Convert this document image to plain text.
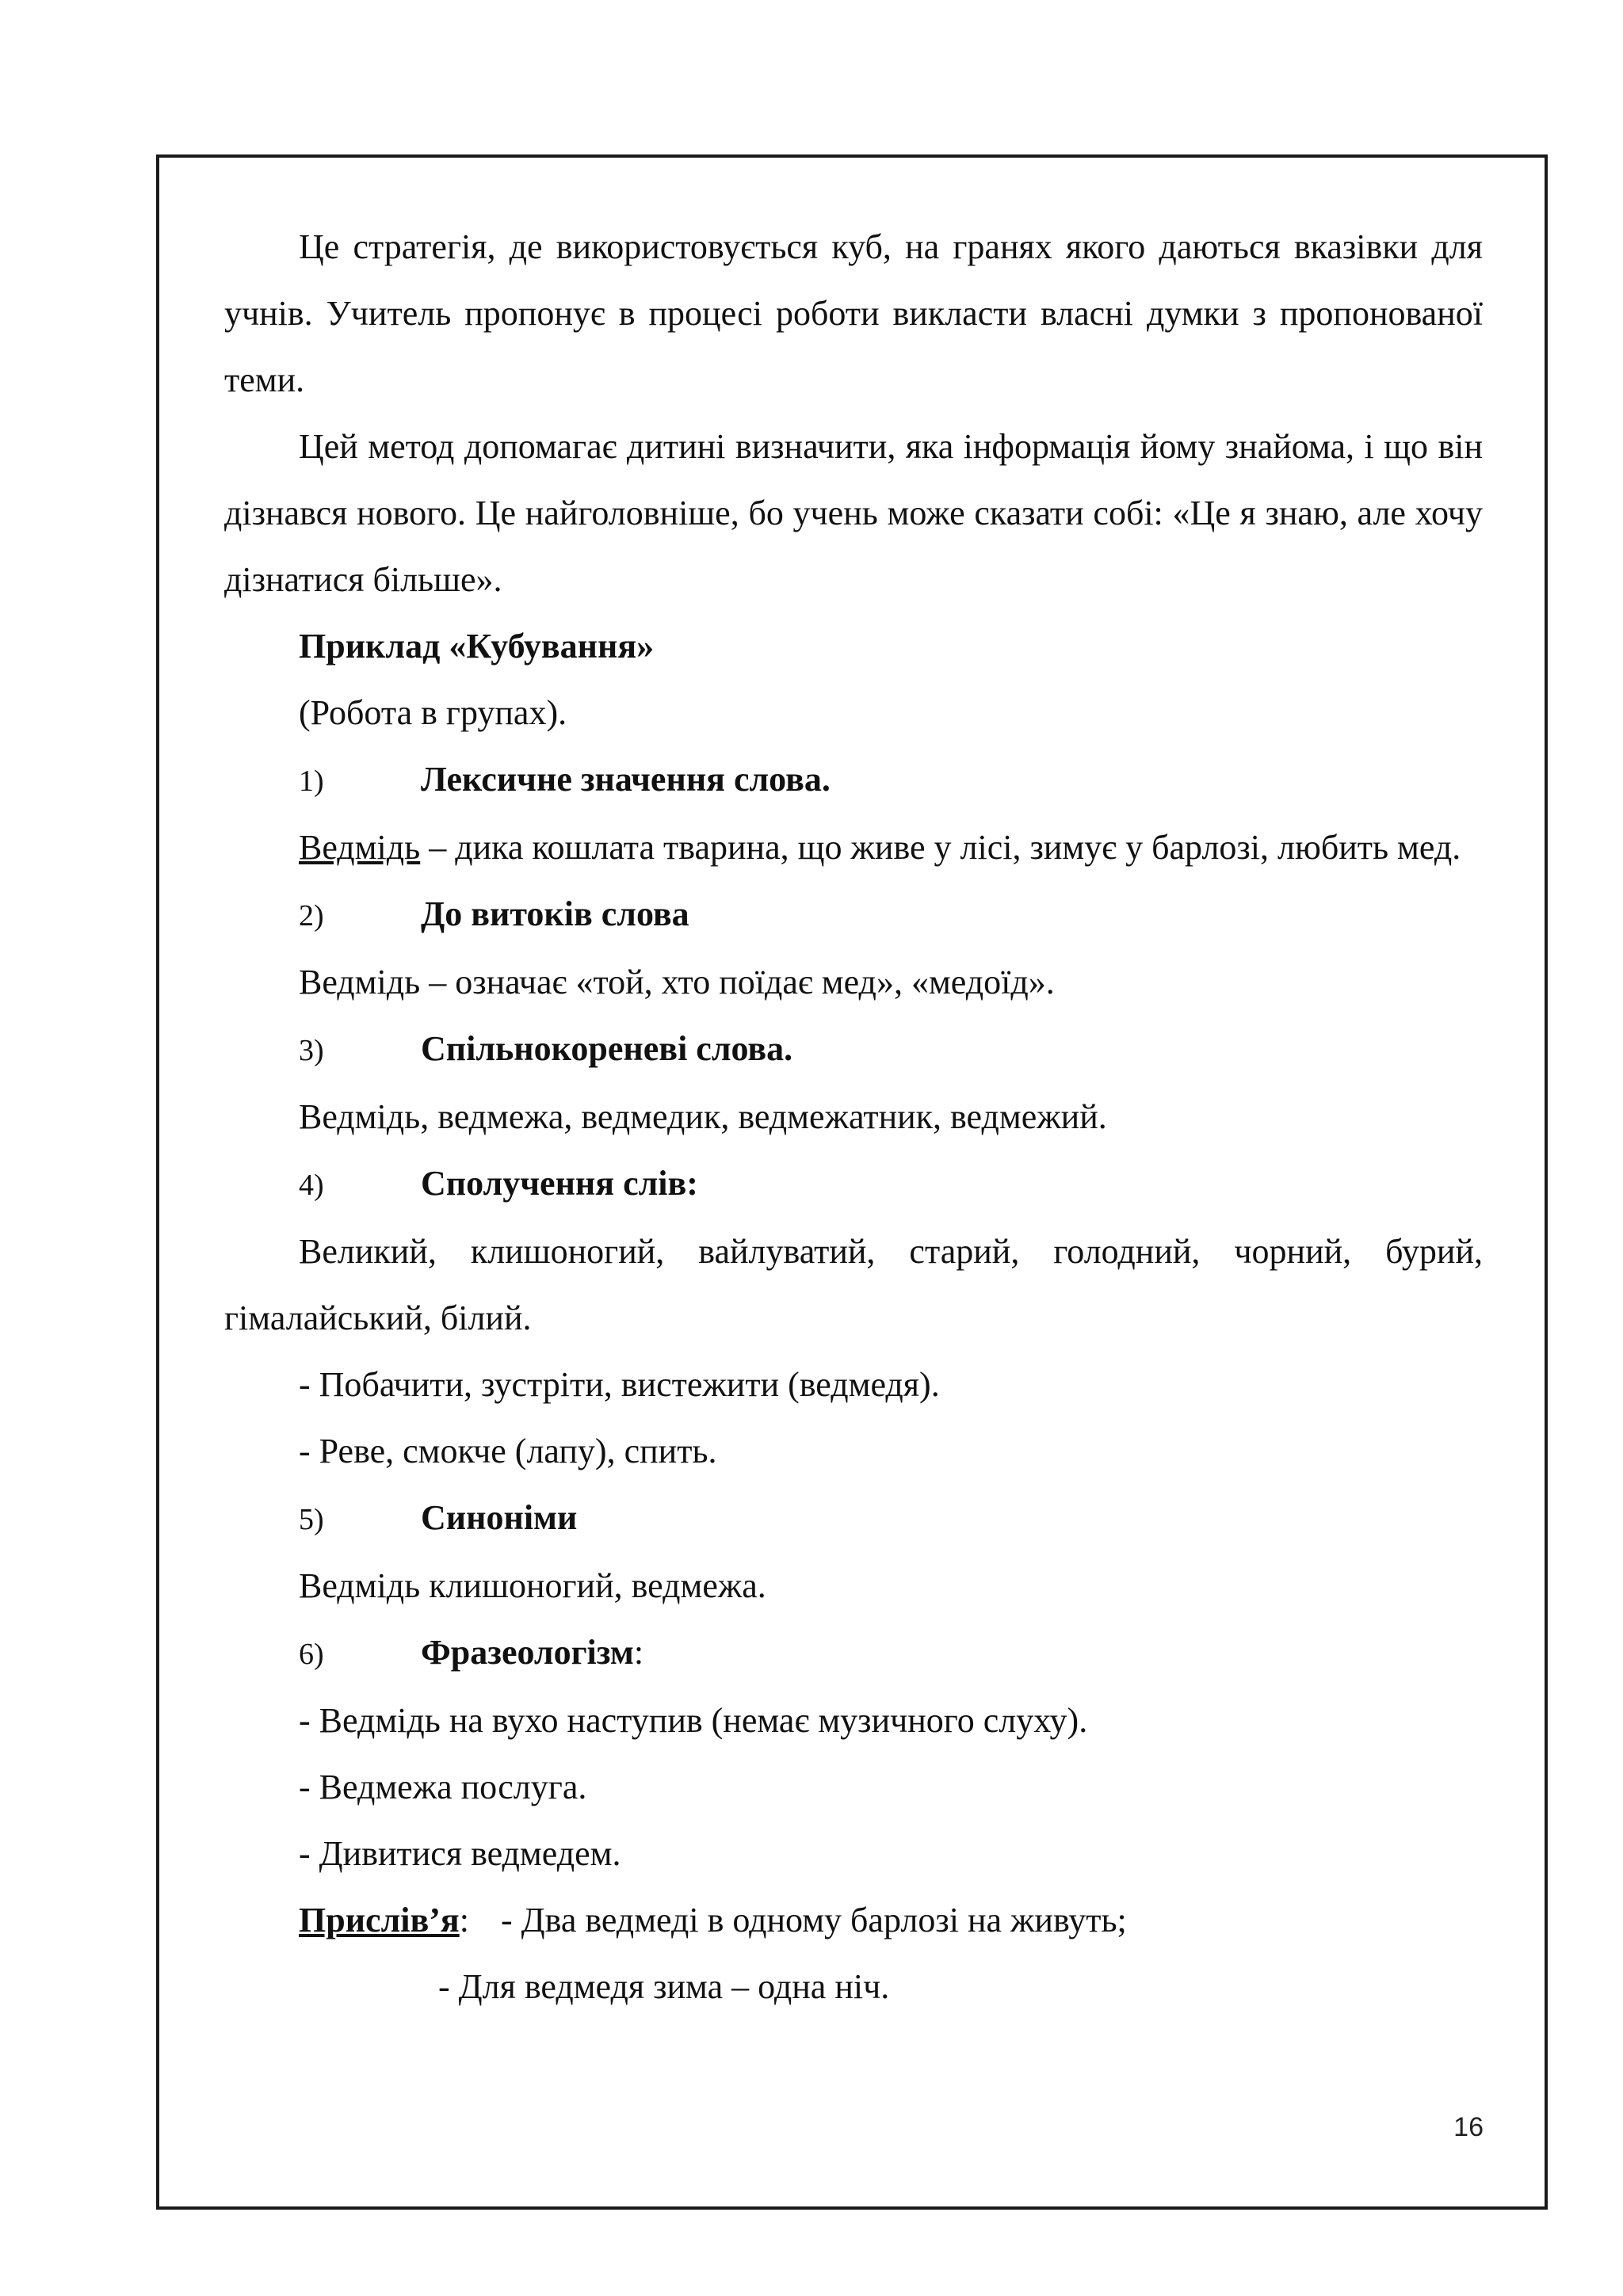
Це стратегія, де використовується куб, на гранях якого даються вказівки для учнів. Учитель пропонує в процесі роботи викласти власні думки з пропонованої теми.

Цей метод допомагає дитині визначити, яка інформація йому знайома, і що він дізнався нового. Це найголовніше, бо учень може сказати собі: «Це я знаю, але хочу дізнатися більше».

Приклад «Кубування»

(Робота в групах).

1)	Лексичне значення слова.

Ведмідь – дика кошлата тварина, що живе у лісі, зимує у барлозі, любить мед.

2)	До витоків слова

Ведмідь – означає «той, хто поїдає мед», «медоїд».

3)	Спільнокореневі слова.

Ведмідь, ведмежа, ведмедик, ведмежатник, ведмежий.

4)	Сполучення слів:

Великий, клишоногий, вайлуватий, старий, голодний, чорний, бурий, гімалайський, білий.

- Побачити, зустріти, вистежити (ведмедя).

- Реве, смокче (лапу), спить.

5)	Синоніми

Ведмідь клишоногий, ведмежа.

6)	Фразеологізм:

- Ведмідь на вухо наступив (немає музичного слуху).

- Ведмежа послуга.

- Дивитися ведмедем.

Прислів’я: - Два ведмеді в одному барлозі на живуть;

- Для ведмедя зима – одна ніч.

16
